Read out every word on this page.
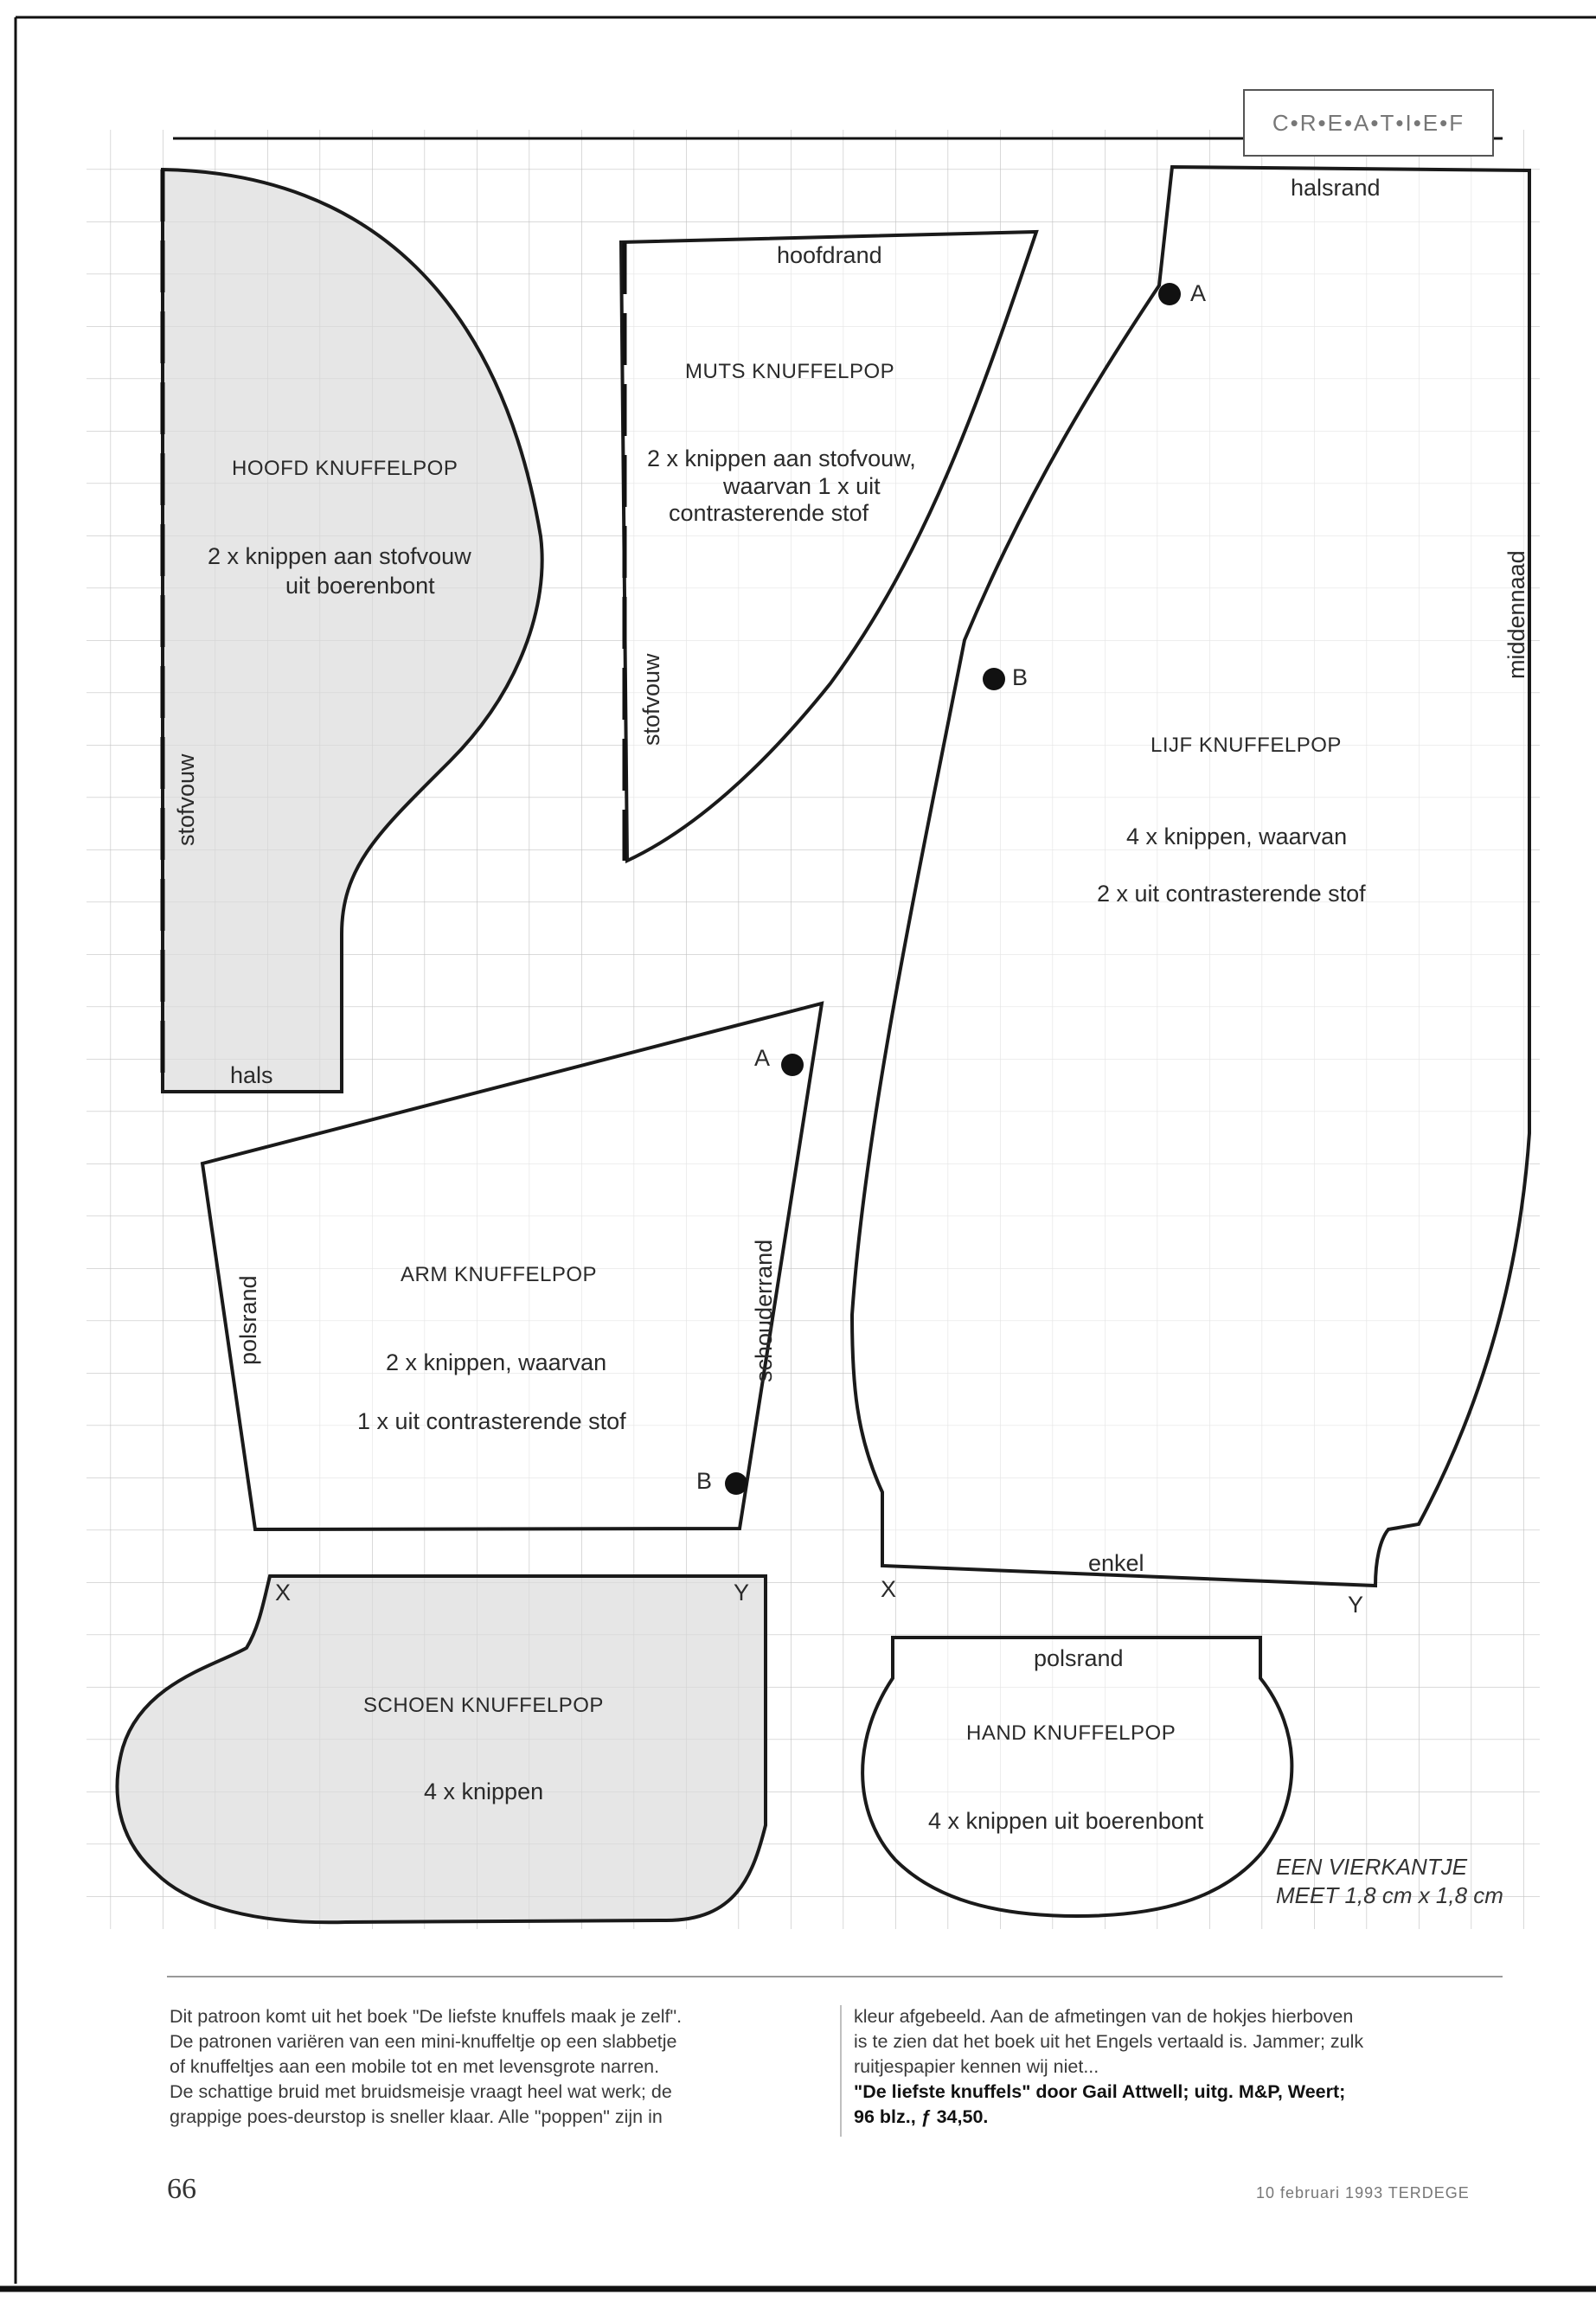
C•R•E•A•T•I•E•F
HOOFD KNUFFELPOP
2 x knippen aan stofvouw
uit boerenbont
stofvouw
hals
hoofdrand
MUTS KNUFFELPOP
2 x knippen aan stofvouw,
waarvan 1 x uit
contrasterende stof
stofvouw
halsrand
A
B	middennaad
LIJF KNUFFELPOP
4 x knippen, waarvan
2 x uit contrasterende stof
enkel
X
Y
A
schouderrand
polsrand
ARM KNUFFELPOP
2 x knippen, waarvan
1 x uit contrasterende stof
B
X	Y
SCHOEN KNUFFELPOP
4 x knippen
polsrand
HAND KNUFFELPOP
4 x knippen uit boerenbont
EEN VIERKANTJE
MEET 1,8 cm x 1,8 cm
Dit patroon komt uit het boek "De liefste knuffels maak je zelf".
De patronen variëren van een mini-knuffeltje op een slabbetje
of knuffeltjes aan een mobile tot en met levensgrote narren.
De schattige bruid met bruidsmeisje vraagt heel wat werk; de
grappige poes-deurstop is sneller klaar. Alle "poppen" zijn in
kleur afgebeeld. Aan de afmetingen van de hokjes hierboven
is te zien dat het boek uit het Engels vertaald is. Jammer; zulk
ruitjespapier kennen wij niet...
"De liefste knuffels" door Gail Attwell; uitg. M&P, Weert;
96 blz., ƒ 34,50.
66	10 februari 1993 TERDEGE
